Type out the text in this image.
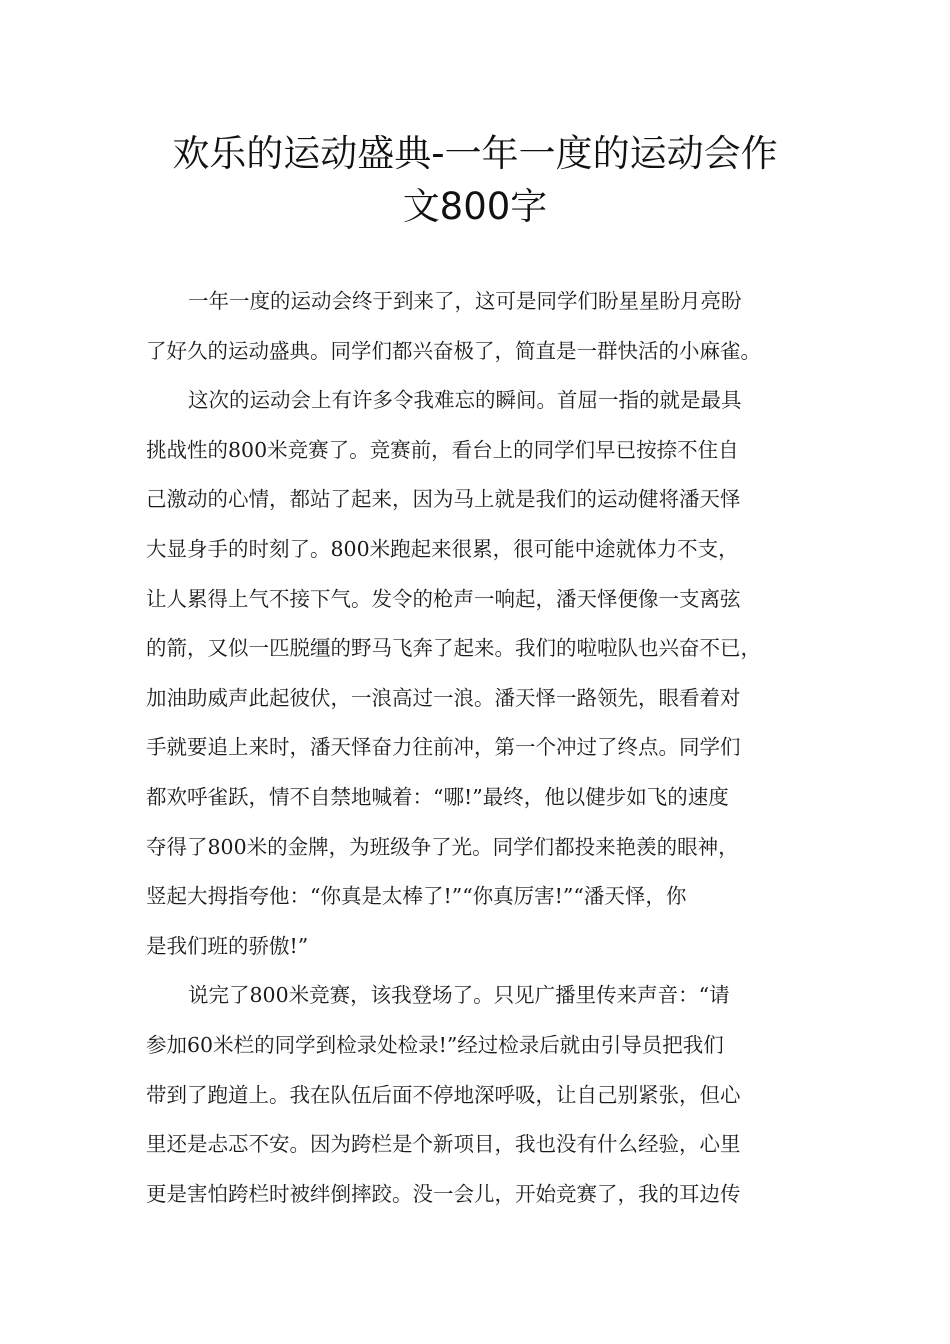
欢乐的运动盛典-一年一度的运动会作
文800字
一年一度的运动会终于到来了，这可是同学们盼星星盼月亮盼
了好久的运动盛典。同学们都兴奋极了，简直是一群快活的小麻雀。
这次的运动会上有许多令我难忘的瞬间。首屈一指的就是最具
挑战性的800米竞赛了。竞赛前，看台上的同学们早已按捺不住自
己激动的心情，都站了起来，因为马上就是我们的运动健将潘天怿
大显身手的时刻了。800米跑起来很累，很可能中途就体力不支，
让人累得上气不接下气。发令的枪声一响起，潘天怿便像一支离弦
的箭，又似一匹脱缰的野马飞奔了起来。我们的啦啦队也兴奋不已，
加油助威声此起彼伏，一浪高过一浪。潘天怿一路领先，眼看着对
手就要追上来时，潘天怿奋力往前冲，第一个冲过了终点。同学们
都欢呼雀跃，情不自禁地喊着：“哪!”最终，他以健步如飞的速度
夺得了800米的金牌，为班级争了光。同学们都投来艳羡的眼神，
竖起大拇指夸他：“你真是太棒了!”“你真厉害!”“潘天怿，你
是我们班的骄傲!”
说完了800米竞赛，该我登场了。只见广播里传来声音：“请
参加60米栏的同学到检录处检录!”经过检录后就由引导员把我们
带到了跑道上。我在队伍后面不停地深呼吸，让自己别紧张，但心
里还是忐忑不安。因为跨栏是个新项目，我也没有什么经验，心里
更是害怕跨栏时被绊倒摔跤。没一会儿，开始竞赛了，我的耳边传
